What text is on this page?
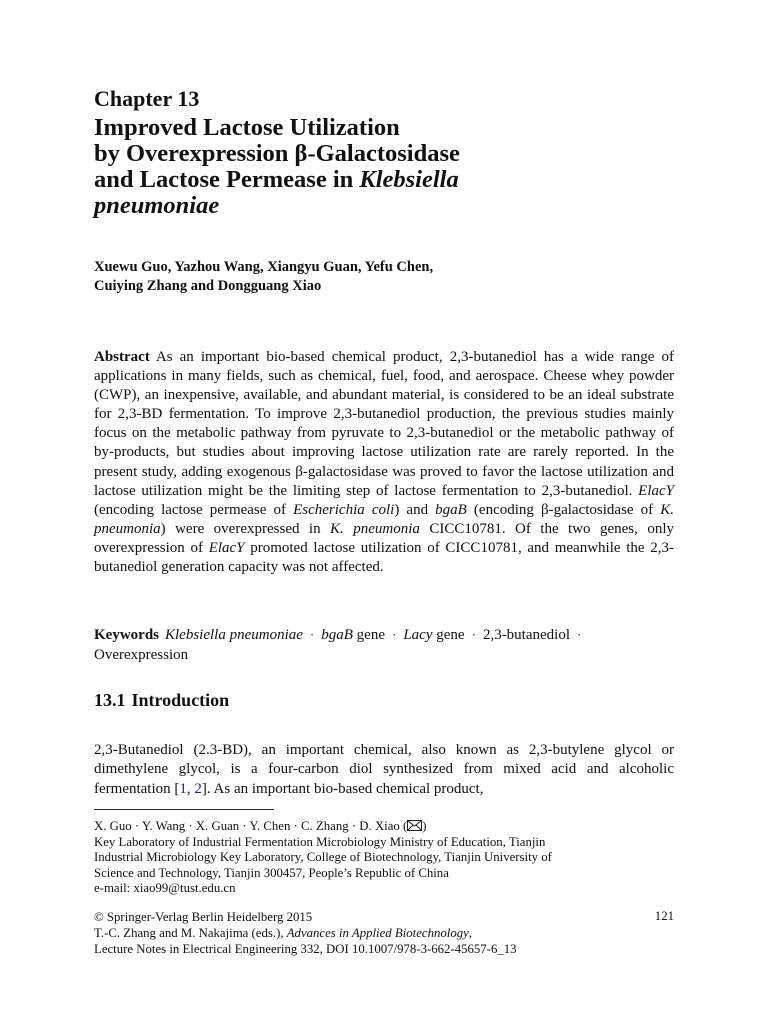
Chapter 13
Improved Lactose Utilization
by Overexpression β-Galactosidase
and Lactose Permease in Klebsiella
pneumoniae
Xuewu Guo, Yazhou Wang, Xiangyu Guan, Yefu Chen,
Cuiying Zhang and Dongguang Xiao
Abstract As an important bio-based chemical product, 2,3-butanediol has a wide range of applications in many fields, such as chemical, fuel, food, and aerospace. Cheese whey powder (CWP), an inexpensive, available, and abundant material, is considered to be an ideal substrate for 2,3-BD fermentation. To improve 2,3-butanediol production, the previous studies mainly focus on the metabolic pathway from pyruvate to 2,3-butanediol or the metabolic pathway of by-products, but studies about improving lactose utilization rate are rarely reported. In the present study, adding exogenous β-galactosidase was proved to favor the lactose utilization and lactose utilization might be the limiting step of lactose fermentation to 2,3-butanediol. ElacY (encoding lactose permease of Escherichia coli) and bgaB (encoding β-galactosidase of K. pneumonia) were overexpressed in K. pneumonia CICC10781. Of the two genes, only overexpression of ElacY promoted lactose utilization of CICC10781, and meanwhile the 2,3-butanediol generation capacity was not affected.
Keywords Klebsiella pneumoniae · bgaB gene · Lacy gene · 2,3-butanediol ·
Overexpression
13.1 Introduction
2,3-Butanediol (2.3-BD), an important chemical, also known as 2,3-butylene glycol or dimethylene glycol, is a four-carbon diol synthesized from mixed acid and alcoholic fermentation [1, 2]. As an important bio-based chemical product,
X. Guo · Y. Wang · X. Guan · Y. Chen · C. Zhang · D. Xiao ( )
Key Laboratory of Industrial Fermentation Microbiology Ministry of Education, Tianjin
Industrial Microbiology Key Laboratory, College of Biotechnology, Tianjin University of
Science and Technology, Tianjin 300457, People’s Republic of China
e-mail: xiao99@tust.edu.cn
© Springer-Verlag Berlin Heidelberg 2015
T.-C. Zhang and M. Nakajima (eds.), Advances in Applied Biotechnology,
Lecture Notes in Electrical Engineering 332, DOI 10.1007/978-3-662-45657-6_13
121
